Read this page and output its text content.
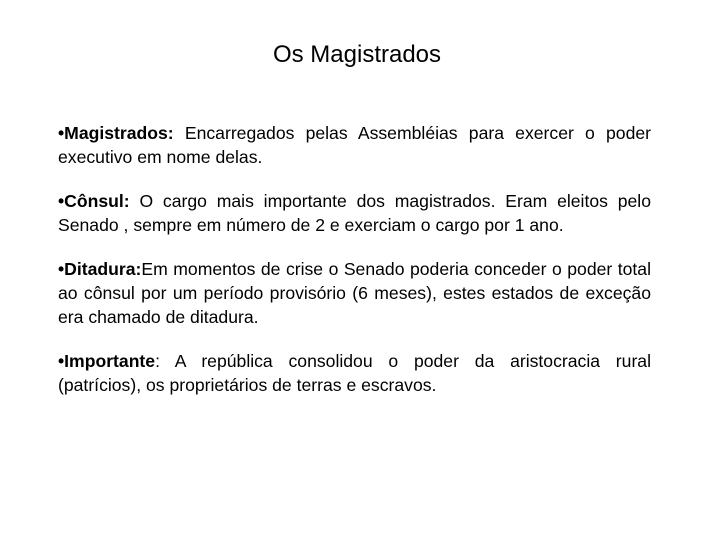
Os Magistrados

•Magistrados: Encarregados pelas Assembléias para exercer o poder executivo em nome delas.

•Cônsul: O cargo mais importante dos magistrados. Eram eleitos pelo Senado , sempre em número de 2 e exerciam o cargo por 1 ano.

•Ditadura:Em momentos de crise o Senado poderia conceder o poder total ao cônsul por um período provisório (6 meses), estes estados de exceção era chamado de ditadura.

•Importante: A república consolidou o poder da aristocracia rural (patrícios), os proprietários de terras e escravos.
